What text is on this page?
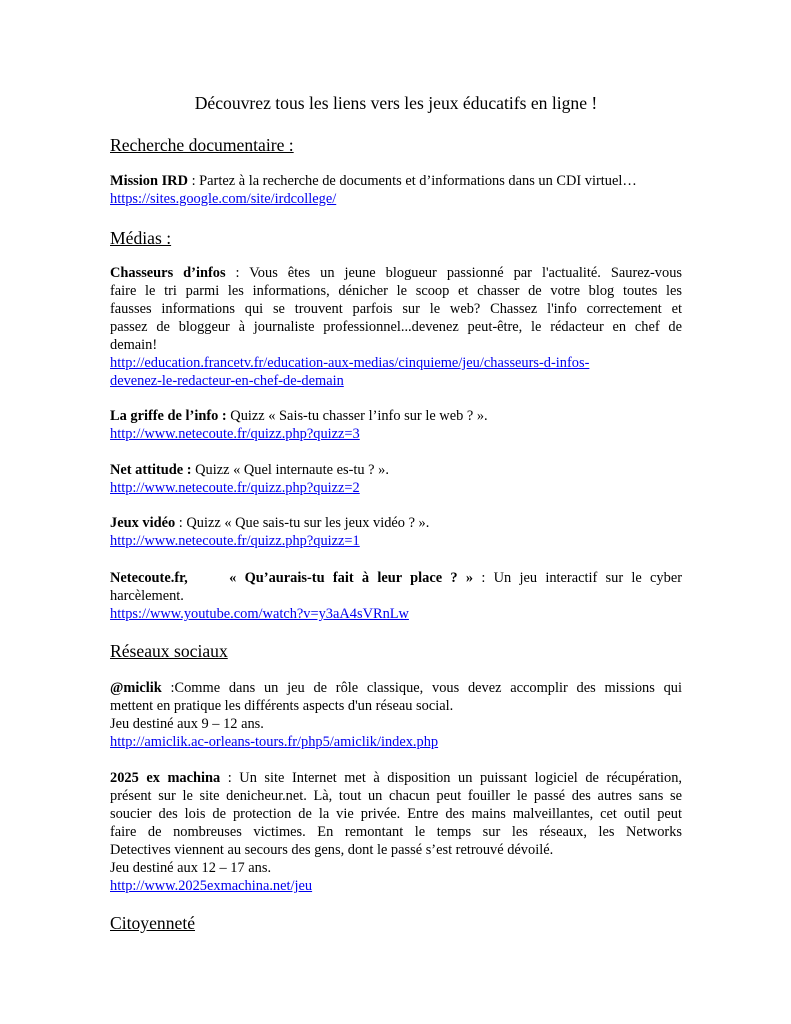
Découvrez tous les liens vers les jeux éducatifs en ligne !
Recherche documentaire :
Mission IRD : Partez à la recherche de documents et d’informations dans un CDI virtuel…
https://sites.google.com/site/irdcollege/
Médias :
Chasseurs d’infos : Vous êtes un jeune blogueur passionné par l'actualité. Saurez-vous
faire le tri parmi les informations, dénicher le scoop et chasser de votre blog toutes les
fausses informations qui se trouvent parfois sur le web? Chassez l'info correctement et
passez de bloggeur à journaliste professionnel...devenez peut-être, le rédacteur en chef de
demain!
http://education.francetv.fr/education-aux-medias/cinquieme/jeu/chasseurs-d-infos-
devenez-le-redacteur-en-chef-de-demain
La griffe de l’info : Quizz « Sais-tu chasser l’info sur le web ? ».
http://www.netecoute.fr/quizz.php?quizz=3
Net attitude : Quizz « Quel internaute es-tu ? ».
http://www.netecoute.fr/quizz.php?quizz=2
Jeux vidéo : Quizz « Que sais-tu sur les jeux vidéo ? ».
http://www.netecoute.fr/quizz.php?quizz=1
Netecoute.fr,     « Qu’aurais-tu fait à leur place ? » : Un jeu interactif sur le cyber
harcèlement.
https://www.youtube.com/watch?v=y3aA4sVRnLw
Réseaux sociaux
@miclik :Comme dans un jeu de rôle classique, vous devez accomplir des missions qui
mettent en pratique les différents aspects d'un réseau social.
Jeu destiné aux 9 – 12 ans.
http://amiclik.ac-orleans-tours.fr/php5/amiclik/index.php
2025 ex machina : Un site Internet met à disposition un puissant logiciel de récupération,
présent sur le site denicheur.net. Là, tout un chacun peut fouiller le passé des autres sans se
soucier des lois de protection de la vie privée. Entre des mains malveillantes, cet outil peut
faire de nombreuses victimes. En remontant le temps sur les réseaux, les Networks
Detectives viennent au secours des gens, dont le passé s’est retrouvé dévoilé.
Jeu destiné aux 12 – 17 ans.
http://www.2025exmachina.net/jeu
Citoyenneté
